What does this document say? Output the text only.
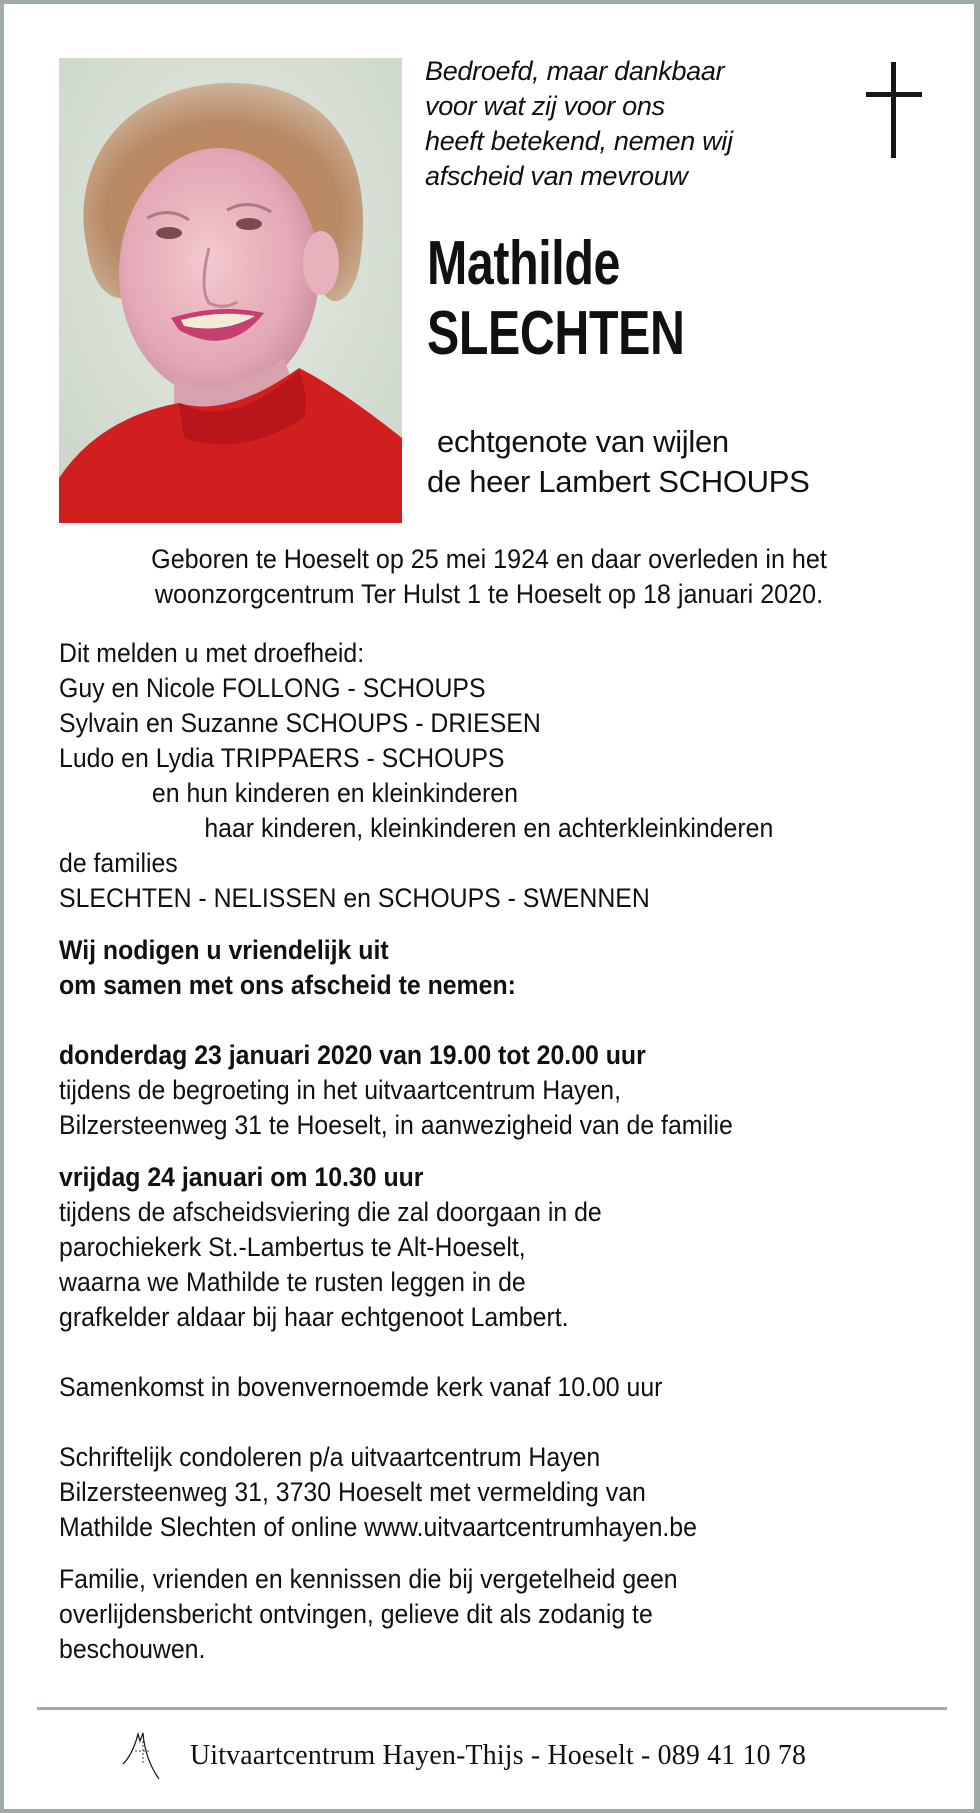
Bedroefd, maar dankbaar
voor wat zij voor ons
heeft betekend, nemen wij
afscheid van mevrouw
Mathilde
SLECHTEN
echtgenote van wijlen
de heer Lambert SCHOUPS
Geboren te Hoeselt op 25 mei 1924 en daar overleden in het
woonzorgcentrum Ter Hulst 1 te Hoeselt op 18 januari 2020.
Dit melden u met droefheid:
Guy en Nicole FOLLONG - SCHOUPS
Sylvain en Suzanne SCHOUPS - DRIESEN
Ludo en Lydia TRIPPAERS - SCHOUPS
en hun kinderen en kleinkinderen
haar kinderen, kleinkinderen en achterkleinkinderen
de families
SLECHTEN - NELISSEN en SCHOUPS - SWENNEN
Wij nodigen u vriendelijk uit
om samen met ons afscheid te nemen:
donderdag 23 januari 2020 van 19.00 tot 20.00 uur
tijdens de begroeting in het uitvaartcentrum Hayen,
Bilzersteenweg 31 te Hoeselt, in aanwezigheid van de familie
vrijdag 24 januari om 10.30 uur
tijdens de afscheidsviering die zal doorgaan in de
parochiekerk St.-Lambertus te Alt-Hoeselt,
waarna we Mathilde te rusten leggen in de
grafkelder aldaar bij haar echtgenoot Lambert.
Samenkomst in bovenvernoemde kerk vanaf 10.00 uur
Schriftelijk condoleren p/a uitvaartcentrum Hayen
Bilzersteenweg 31, 3730 Hoeselt met vermelding van
Mathilde Slechten of online www.uitvaartcentrumhayen.be
Familie, vrienden en kennissen die bij vergetelheid geen
overlijdensbericht ontvingen, gelieve dit als zodanig te
beschouwen.
Uitvaartcentrum Hayen-Thijs - Hoeselt - 089 41 10 78
